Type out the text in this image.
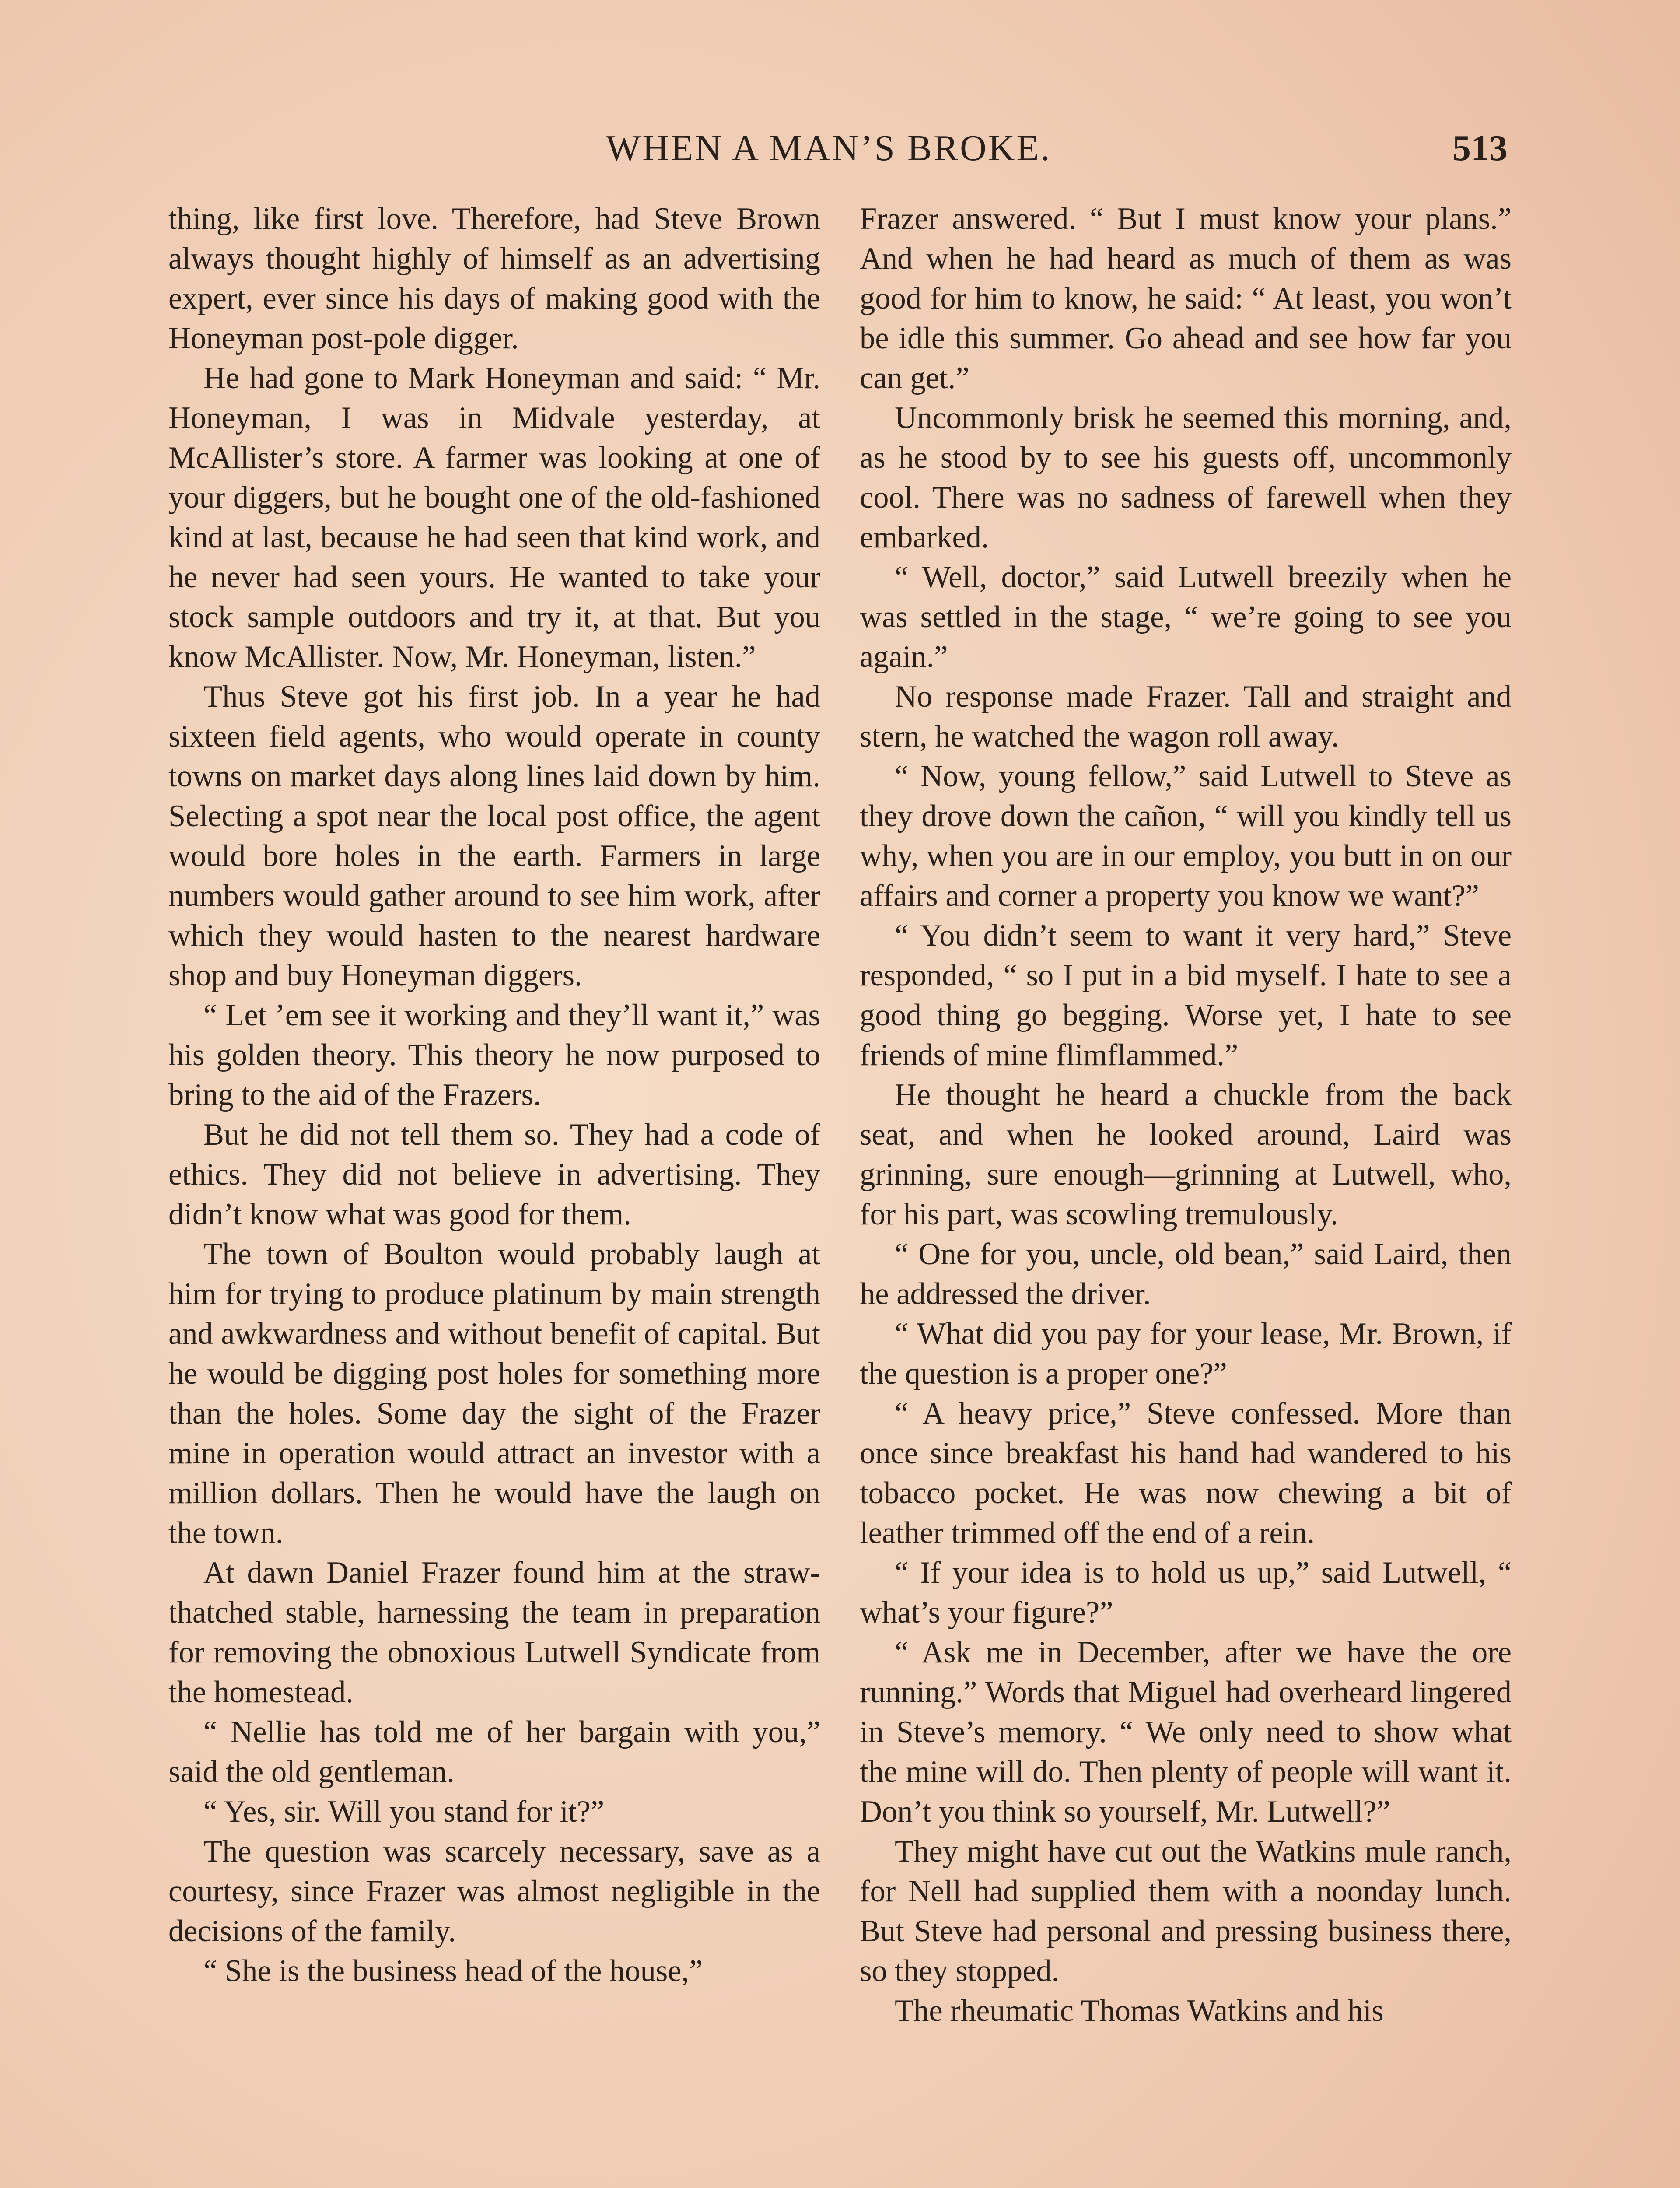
WHEN A MAN’S BROKE.	513

thing, like first love. Therefore, had Steve Brown always thought highly of himself as an advertising expert, ever since his days of making good with the Honeyman post-pole digger.

He had gone to Mark Honeyman and said: “ Mr. Honeyman, I was in Midvale yesterday, at McAllister’s store. A farmer was looking at one of your diggers, but he bought one of the old-fashioned kind at last, because he had seen that kind work, and he never had seen yours. He wanted to take your stock sample outdoors and try it, at that. But you know McAllister. Now, Mr. Honeyman, listen.”

Thus Steve got his first job. In a year he had sixteen field agents, who would operate in county towns on market days along lines laid down by him. Selecting a spot near the local post office, the agent would bore holes in the earth. Farmers in large numbers would gather around to see him work, after which they would hasten to the nearest hardware shop and buy Honeyman diggers.

“ Let ’em see it working and they’ll want it,” was his golden theory. This theory he now purposed to bring to the aid of the Frazers.

But he did not tell them so. They had a code of ethics. They did not believe in advertising. They didn’t know what was good for them.

The town of Boulton would probably laugh at him for trying to produce platinum by main strength and awkwardness and without benefit of capital. But he would be digging post holes for something more than the holes. Some day the sight of the Frazer mine in operation would attract an investor with a million dollars. Then he would have the laugh on the town.

At dawn Daniel Frazer found him at the straw-thatched stable, harnessing the team in preparation for removing the obnoxious Lutwell Syndicate from the homestead.

“ Nellie has told me of her bargain with you,” said the old gentleman.

“ Yes, sir. Will you stand for it?”

The question was scarcely necessary, save as a courtesy, since Frazer was almost negligible in the decisions of the family.

“ She is the business head of the house,”

Frazer answered. “ But I must know your plans.” And when he had heard as much of them as was good for him to know, he said: “ At least, you won’t be idle this summer. Go ahead and see how far you can get.”

Uncommonly brisk he seemed this morning, and, as he stood by to see his guests off, uncommonly cool. There was no sadness of farewell when they embarked.

“ Well, doctor,” said Lutwell breezily when he was settled in the stage, “ we’re going to see you again.”

No response made Frazer. Tall and straight and stern, he watched the wagon roll away.

“ Now, young fellow,” said Lutwell to Steve as they drove down the cañon, “ will you kindly tell us why, when you are in our employ, you butt in on our affairs and corner a property you know we want?”

“ You didn’t seem to want it very hard,” Steve responded, “ so I put in a bid myself. I hate to see a good thing go begging. Worse yet, I hate to see friends of mine flimflammed.”

He thought he heard a chuckle from the back seat, and when he looked around, Laird was grinning, sure enough—grinning at Lutwell, who, for his part, was scowling tremulously.

“ One for you, uncle, old bean,” said Laird, then he addressed the driver.

“ What did you pay for your lease, Mr. Brown, if the question is a proper one?”

“ A heavy price,” Steve confessed. More than once since breakfast his hand had wandered to his tobacco pocket. He was now chewing a bit of leather trimmed off the end of a rein.

“ If your idea is to hold us up,” said Lutwell, “ what’s your figure?”

“ Ask me in December, after we have the ore running.” Words that Miguel had overheard lingered in Steve’s memory. “ We only need to show what the mine will do. Then plenty of people will want it. Don’t you think so yourself, Mr. Lutwell?”

They might have cut out the Watkins mule ranch, for Nell had supplied them with a noonday lunch. But Steve had personal and pressing business there, so they stopped.

The rheumatic Thomas Watkins and his
